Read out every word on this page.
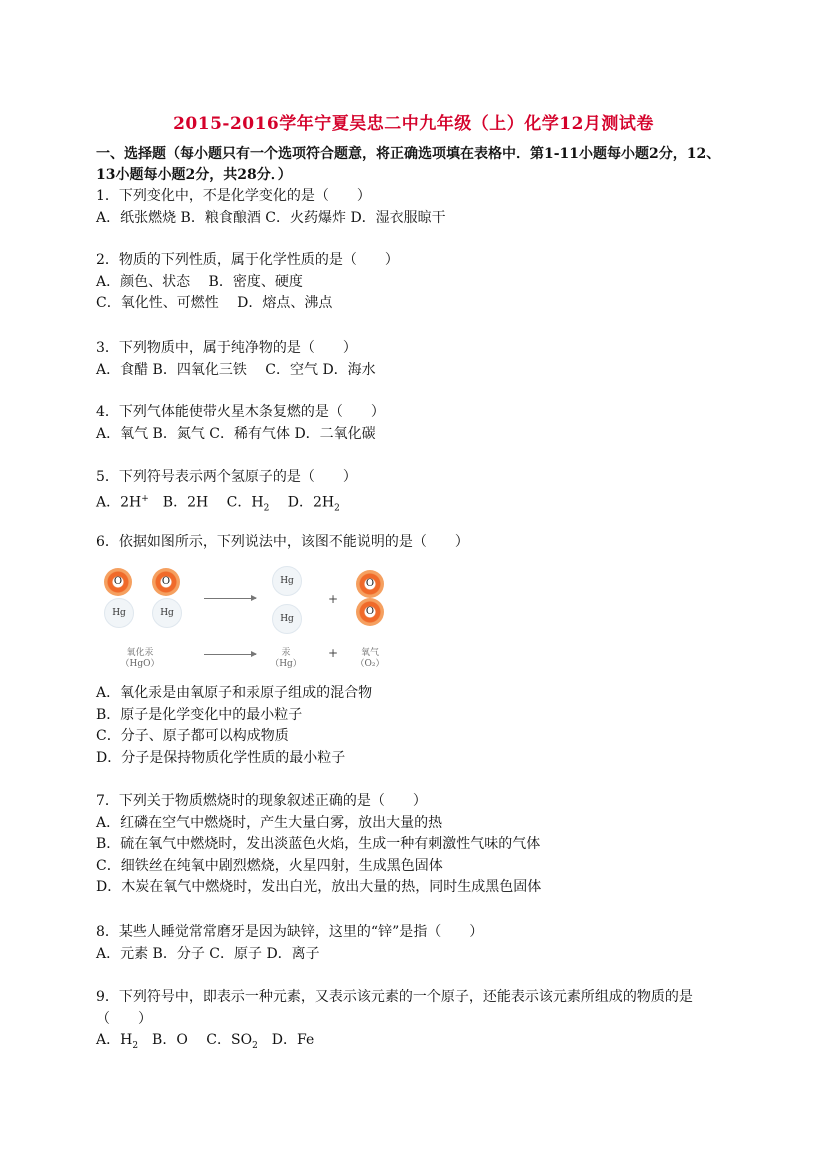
2015-2016学年宁夏吴忠二中九年级（上）化学12月测试卷
一、选择题（每小题只有一个选项符合题意，将正确选项填在表格中．第1-11小题每小题2分，12、13小题每小题2分，共28分．）
1．下列变化中，不是化学变化的是（　　）
A．纸张燃烧 B．粮食酿酒 C．火药爆炸 D．湿衣服晾干
2．物质的下列性质，属于化学性质的是（　　）
A．颜色、状态　 B．密度、硬度
C．氧化性、可燃性　 D．熔点、沸点
3．下列物质中，属于纯净物的是（　　）
A．食醋 B．四氧化三铁　 C．空气 D．海水
4．下列气体能使带火星木条复燃的是（　　）
A．氧气 B．氮气 C．稀有气体 D．二氧化碳
5．下列符号表示两个氢原子的是（　　）
A．2H+　B．2H　 C．$H_2$　 D．$2H_2$
6．依据如图所示，下列说法中，该图不能说明的是（　　）
O
Hg
O
Hg
Hg
Hg
+
O
O
氧化汞
（HgO）
汞
（Hg）
+	氧气
（O₂）
A．氧化汞是由氧原子和汞原子组成的混合物
B．原子是化学变化中的最小粒子
C．分子、原子都可以构成物质
D．分子是保持物质化学性质的最小粒子
7．下列关于物质燃烧时的现象叙述正确的是（　　）
A．红磷在空气中燃烧时，产生大量白雾，放出大量的热
B．硫在氧气中燃烧时，发出淡蓝色火焰，生成一种有刺激性气味的气体
C．细铁丝在纯氧中剧烈燃烧，火星四射，生成黑色固体
D．木炭在氧气中燃烧时，发出白光，放出大量的热，同时生成黑色固体
8．某些人睡觉常常磨牙是因为缺锌，这里的“锌”是指（　　）
A．元素 B．分子 C．原子 D．离子
9．下列符号中，即表示一种元素，又表示该元素的一个原子，还能表示该元素所组成的物质的是
（　　）
A．$H_2$　B．O　 C．$SO_2$　D．Fe
